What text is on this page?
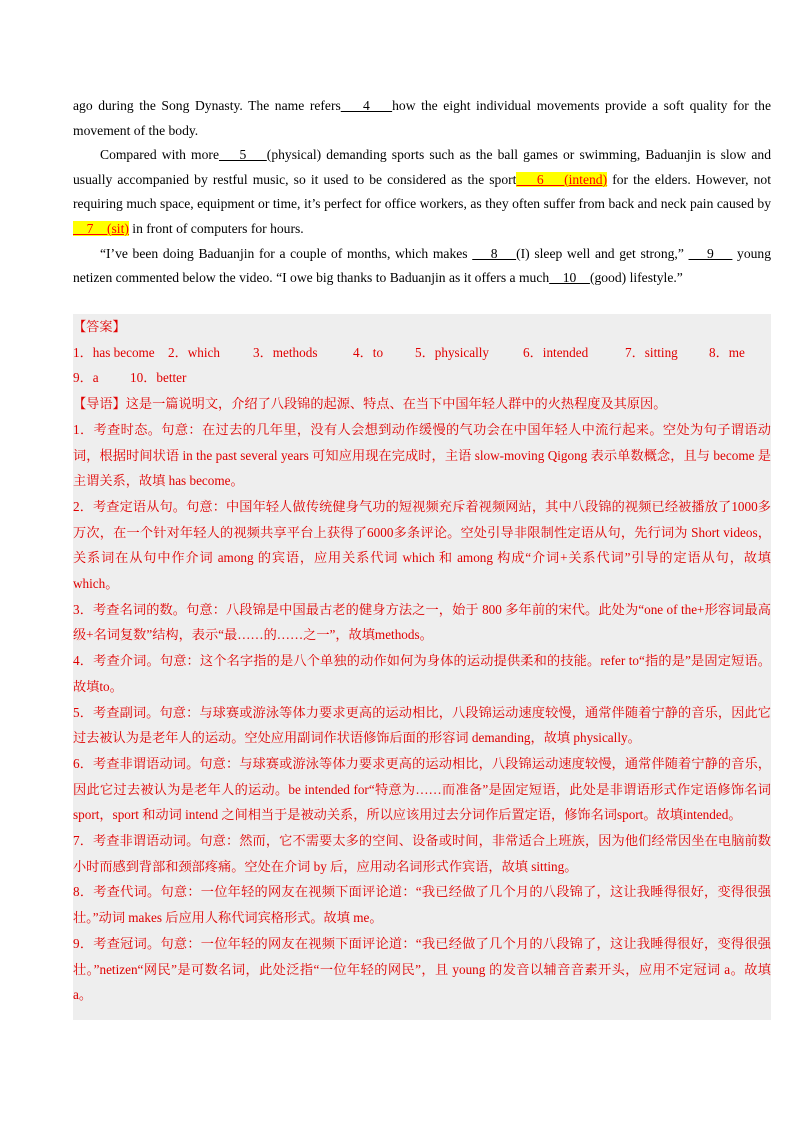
ago during the Song Dynasty. The name refers    4    how the eight individual movements provide a soft quality for the movement of the body.

Compared with more    5    (physical) demanding sports such as the ball games or swimming, Baduanjin is slow and usually accompanied by restful music, so it used to be considered as the sport    6    (intend) for the elders. However, not requiring much space, equipment or time, it’s perfect for office workers, as they often suffer from back and neck pain caused by    7    (sit) in front of computers for hours.

“I’ve been doing Baduanjin for a couple of months, which makes     8    (I) sleep well and get strong,”     9     young netizen commented below the video. “I owe big thanks to Baduanjin as it offers a much    10    (good) lifestyle.”

【答案】
1．has become	2．which	3．methods	4．to	5．physically	6．intended	7．sitting	8．me
9．a	10．better

【导语】这是一篇说明文，介绍了八段锦的起源、特点、在当下中国年轻人群中的火热程度及其原因。

1．考查时态。句意：在过去的几年里，没有人会想到动作缓慢的气功会在中国年轻人中流行起来。空处为句子谓语动词，根据时间状语 in the past several years 可知应用现在完成时，主语 slow-moving Qigong 表示单数概念，且与 become 是主谓关系，故填 has become。

2．考查定语从句。句意：中国年轻人做传统健身气功的短视频充斥着视频网站，其中八段锦的视频已经被播放了1000多万次，在一个针对年轻人的视频共享平台上获得了6000多条评论。空处引导非限制性定语从句，先行词为 Short videos，关系词在从句中作介词 among 的宾语，应用关系代词 which 和 among 构成“介词+关系代词”引导的定语从句，故填which。

3．考查名词的数。句意：八段锦是中国最古老的健身方法之一，始于 800 多年前的宋代。此处为“one of the+形容词最高级+名词复数”结构，表示“最……的……之一”，故填methods。

4．考查介词。句意：这个名字指的是八个单独的动作如何为身体的运动提供柔和的技能。refer to“指的是”是固定短语。故填to。

5．考查副词。句意：与球赛或游泳等体力要求更高的运动相比，八段锦运动速度较慢，通常伴随着宁静的音乐，因此它过去被认为是老年人的运动。空处应用副词作状语修饰后面的形容词 demanding，故填 physically。

6．考查非谓语动词。句意：与球赛或游泳等体力要求更高的运动相比，八段锦运动速度较慢，通常伴随着宁静的音乐，因此它过去被认为是老年人的运动。be intended for“特意为……而准备”是固定短语，此处是非谓语形式作定语修饰名词 sport，sport 和动词 intend 之间相当于是被动关系，所以应该用过去分词作后置定语，修饰名词sport。故填intended。

7．考查非谓语动词。句意：然而，它不需要太多的空间、设备或时间，非常适合上班族，因为他们经常因坐在电脑前数小时而感到背部和颈部疼痛。空处在介词 by 后，应用动名词形式作宾语，故填 sitting。

8．考查代词。句意：一位年轻的网友在视频下面评论道：“我已经做了几个月的八段锦了，这让我睡得很好，变得很强壮。”动词 makes 后应用人称代词宾格形式。故填 me。

9．考查冠词。句意：一位年轻的网友在视频下面评论道：“我已经做了几个月的八段锦了，这让我睡得很好，变得很强壮。”netizen“网民”是可数名词，此处泛指“一位年轻的网民”，且 young 的发音以辅音音素开头，应用不定冠词 a。故填 a。
